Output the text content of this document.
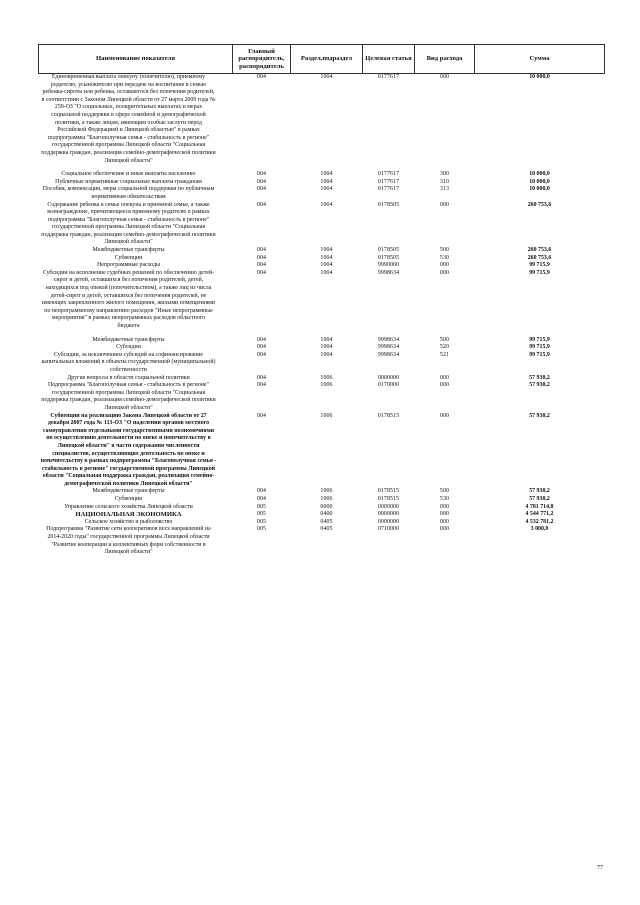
Наименование показателя	Главный распорядитель, распорядитель	Раздел,подраздел	Целевая статья	Вид расхода	Сумма
Единовременная выплата опекуну (попечителю), приемному родителю, усыновителю при передаче на воспитание в семью ребенка-сироты или ребенка, оставшегося без попечения родителей, в соответствии с Законом Липецкой области от 27 марта 2009 года № 259-ОЗ "О социальных, поощрительных выплатах и мерах социальной поддержки в сфере семейной и демографической политики, а также лицам, имеющим особые заслуги перед Российской Федерацией и Липецкой областью" в рамках подпрограммы "Благополучная семья - стабильность в регионе" государственной программы Липецкой области "Социальная поддержка граждан, реализация семейно-демографической политики Липецкой области"	004	1004	0177617	000	10 000,0
Социальное обеспечение и иные выплаты населению	004	1004	0177617	300	10 000,0
Публичные нормативные социальные выплаты гражданам	004	1004	0177617	310	10 000,0
Пособия, компенсации, меры социальной поддержки по публичным нормативным обязательствам	004	1004	0177617	313	10 000,0
Содержание ребенка в семье опекуна и приемной семье, а также вознаграждение, причитающееся приемному родителю в рамках подпрограммы "Благополучная семья - стабильность в регионе" государственной программы Липецкой области "Социальная поддержка граждан, реализация семейно-демографической политики Липецкой области"	004	1004	0178505	000	260 753,6
Межбюджетные трансферты	004	1004	0178505	500	260 753,6
Субвенции	004	1004	0178505	530	260 753,6
Непрограммные расходы	004	1004	9990000	000	99 715,9
Субсидии на исполнение судебных решений по обеспечению детей-сирот и детей, оставшихся без попечения родителей, детей, находящихся под опекой (попечительством), а также лиц из числа детей-сирот и детей, оставшихся без попечения родителей, не имеющих закрепленного жилого помещения, жилыми помещениями по непрограммному направлению расходов "Иные непрограммные мероприятия" в рамках непрограммных расходов областного бюджета	004	1004	9998634	000	99 715,9
Межбюджетные трансферты	004	1004	9998634	500	99 715,9
Субсидии	004	1004	9998634	520	99 715,9
Субсидии, за исключением субсидий на софинансирование капитальных вложений в объекты государственной (муниципальной) собственности	004	1004	9998634	521	99 715,9
Другие вопросы в области социальной политики	004	1006	0000000	000	57 930,2
Подпрограмма "Благополучная семья - стабильность в регионе" государственной программы Липецкой области "Социальная поддержка граждан, реализация семейно-демографической политики Липецкой области"	004	1006	0170000	000	57 930,2
Субвенции на реализацию Закона Липецкой области от 27 декабря 2007 года № 113-ОЗ "О наделении органов местного самоуправления отдельными государственными полномочиями по осуществлению деятельности по опеке и попечительству в Липецкой области" в части содержания численности специалистов, осуществляющих деятельность по опеке и попечительству в рамках подпрограммы "Благополучная семья - стабильность в регионе" государственной программы Липецкой области "Социальная поддержка граждан, реализация семейно-демографической политики Липецкой области"	004	1006	0178515	000	57 930,2
Межбюджетные трансферты	004	1006	0178515	500	57 930,2
Субвенции	004	1006	0178515	530	57 930,2
Управление сельского хозяйства Липецкой области	005	0000	0000000	000	4 781 714,8
НАЦИОНАЛЬНАЯ ЭКОНОМИКА	005	0400	0000000	000	4 544 771,2
Сельское хозяйство и рыболовство	005	0405	0000000	000	4 532 781,2
Подпрограмма "Развитие сети кооперативов всех направлений на 2014-2020 годы" государственной программы Липецкой области "Развитие кооперации и коллективных форм собственности в Липецкой области"	005	0405	0710000	000	3 000,0
77
